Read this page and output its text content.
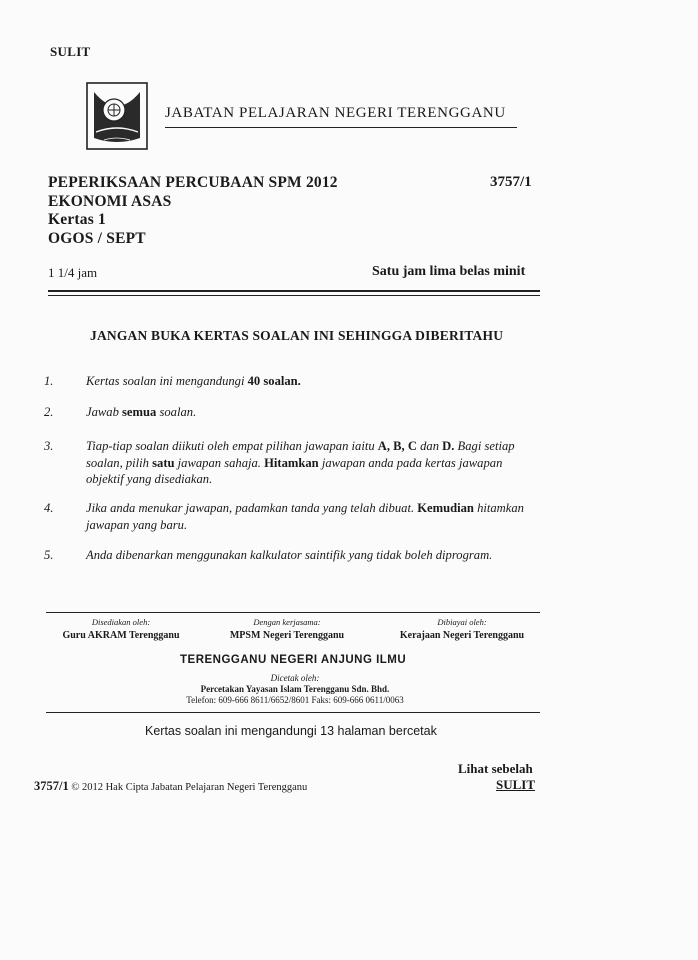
SULIT
JABATAN PELAJARAN NEGERI TERENGGANU
PEPERIKSAAN PERCUBAAN SPM 2012
EKONOMI ASAS
Kertas 1
OGOS / SEPT
3757/1
1 1/4 jam	Satu jam lima belas minit
JANGAN BUKA KERTAS SOALAN INI SEHINGGA DIBERITAHU
1.	Kertas soalan ini mengandungi 40 soalan.
2.	Jawab semua soalan.
3.	Tiap-tiap soalan diikuti oleh empat pilihan jawapan iaitu A, B, C dan D. Bagi setiap soalan, pilih satu jawapan sahaja. Hitamkan jawapan anda pada kertas jawapan objektif yang disediakan.
4.	Jika anda menukar jawapan, padamkan tanda yang telah dibuat. Kemudian hitamkan jawapan yang baru.
5.	Anda dibenarkan menggunakan kalkulator saintifik yang tidak boleh diprogram.
Disediakan oleh:
Guru AKRAM Terengganu
Dengan kerjasama:
MPSM Negeri Terengganu
Dibiayai oleh:
Kerajaan Negeri Terengganu
TERENGGANU NEGERI ANJUNG ILMU
Dicetak oleh:
Percetakan Yayasan Islam Terengganu Sdn. Bhd.
Telefon: 609-666 8611/6652/8601 Faks: 609-666 0611/0063
Kertas soalan ini mengandungi 13 halaman bercetak
Lihat sebelah
3757/1 © 2012 Hak Cipta Jabatan Pelajaran Negeri Terengganu	SULIT
